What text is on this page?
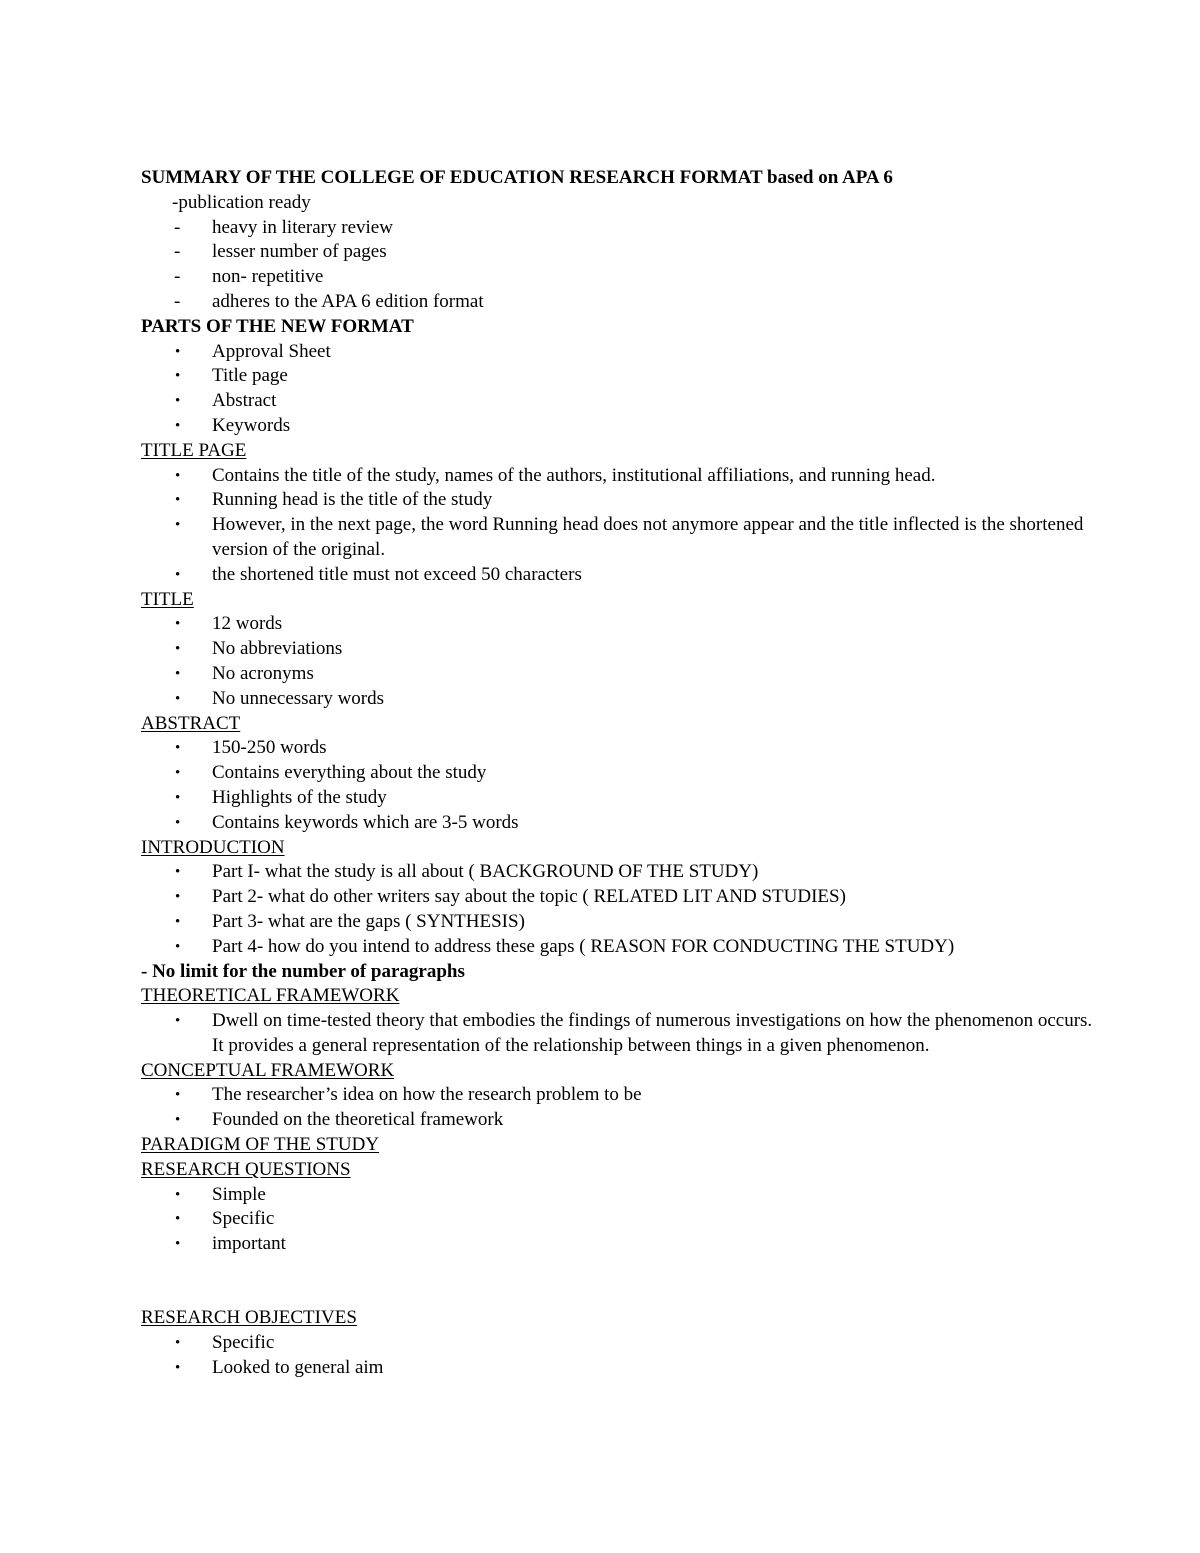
SUMMARY OF THE COLLEGE OF EDUCATION RESEARCH FORMAT based on APA 6
-publication ready
- heavy in literary review
- lesser number of pages
- non- repetitive
- adheres to the APA 6 edition format
PARTS OF THE NEW FORMAT
• Approval Sheet
• Title page
• Abstract
• Keywords
TITLE PAGE
• Contains the title of the study, names of the authors, institutional affiliations, and running head.
• Running head is the title of the study
• However, in the next page, the word Running head does not anymore appear and the title inflected is the shortened version of the original.
• the shortened title must not exceed 50 characters
TITLE
• 12 words
• No abbreviations
• No acronyms
• No unnecessary words
ABSTRACT
• 150-250 words
• Contains everything about the study
• Highlights of the study
• Contains keywords which are 3-5 words
INTRODUCTION
• Part I- what the study is all about ( BACKGROUND OF THE STUDY)
• Part 2- what do other writers say about the topic ( RELATED LIT AND STUDIES)
• Part 3- what are the gaps ( SYNTHESIS)
• Part 4- how do you intend to address these gaps ( REASON FOR CONDUCTING THE STUDY)
- No limit for the number of paragraphs
THEORETICAL FRAMEWORK
• Dwell on time-tested theory that embodies the findings of numerous investigations on how the phenomenon occurs. It provides a general representation of the relationship between things in a given phenomenon.
CONCEPTUAL FRAMEWORK
• The researcher’s idea on how the research problem to be
• Founded on the theoretical framework
PARADIGM OF THE STUDY
RESEARCH QUESTIONS
• Simple
• Specific
• important
RESEARCH OBJECTIVES
• Specific
• Looked to general aim
